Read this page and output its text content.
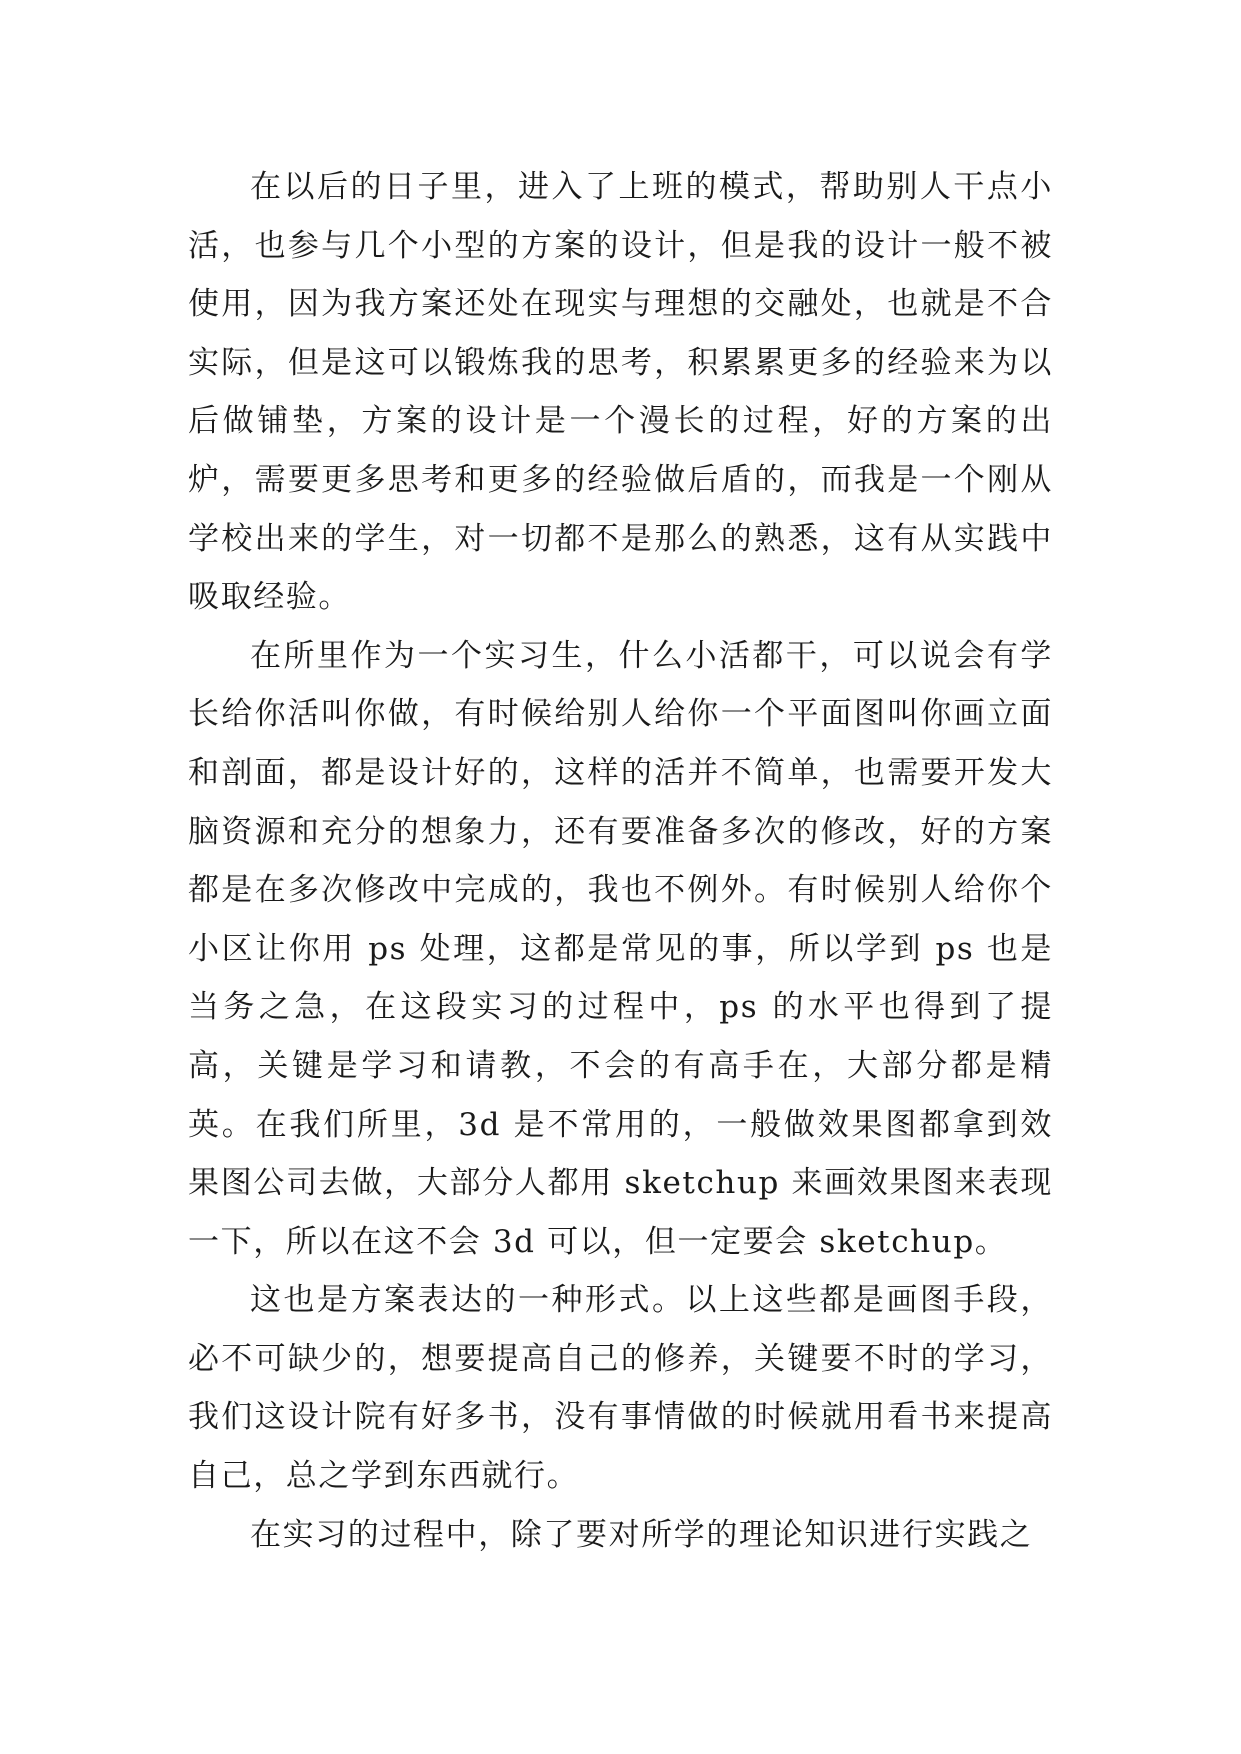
在以后的日子里，进入了上班的模式，帮助别人干点小活，也参与几个小型的方案的设计，但是我的设计一般不被使用，因为我方案还处在现实与理想的交融处，也就是不合实际，但是这可以锻炼我的思考，积累累更多的经验来为以后做铺垫，方案的设计是一个漫长的过程，好的方案的出炉，需要更多思考和更多的经验做后盾的，而我是一个刚从学校出来的学生，对一切都不是那么的熟悉，这有从实践中吸取经验。

在所里作为一个实习生，什么小活都干，可以说会有学长给你活叫你做，有时候给别人给你一个平面图叫你画立面和剖面，都是设计好的，这样的活并不简单，也需要开发大脑资源和充分的想象力，还有要准备多次的修改，好的方案都是在多次修改中完成的，我也不例外。有时候别人给你个小区让你用 ps 处理，这都是常见的事，所以学到 ps 也是当务之急，在这段实习的过程中，ps 的水平也得到了提高，关键是学习和请教，不会的有高手在，大部分都是精英。在我们所里，3d 是不常用的，一般做效果图都拿到效果图公司去做，大部分人都用 sketchup 来画效果图来表现一下，所以在这不会 3d 可以，但一定要会 sketchup。

这也是方案表达的一种形式。以上这些都是画图手段，必不可缺少的，想要提高自己的修养，关键要不时的学习，我们这设计院有好多书，没有事情做的时候就用看书来提高自己，总之学到东西就行。

在实习的过程中，除了要对所学的理论知识进行实践之
